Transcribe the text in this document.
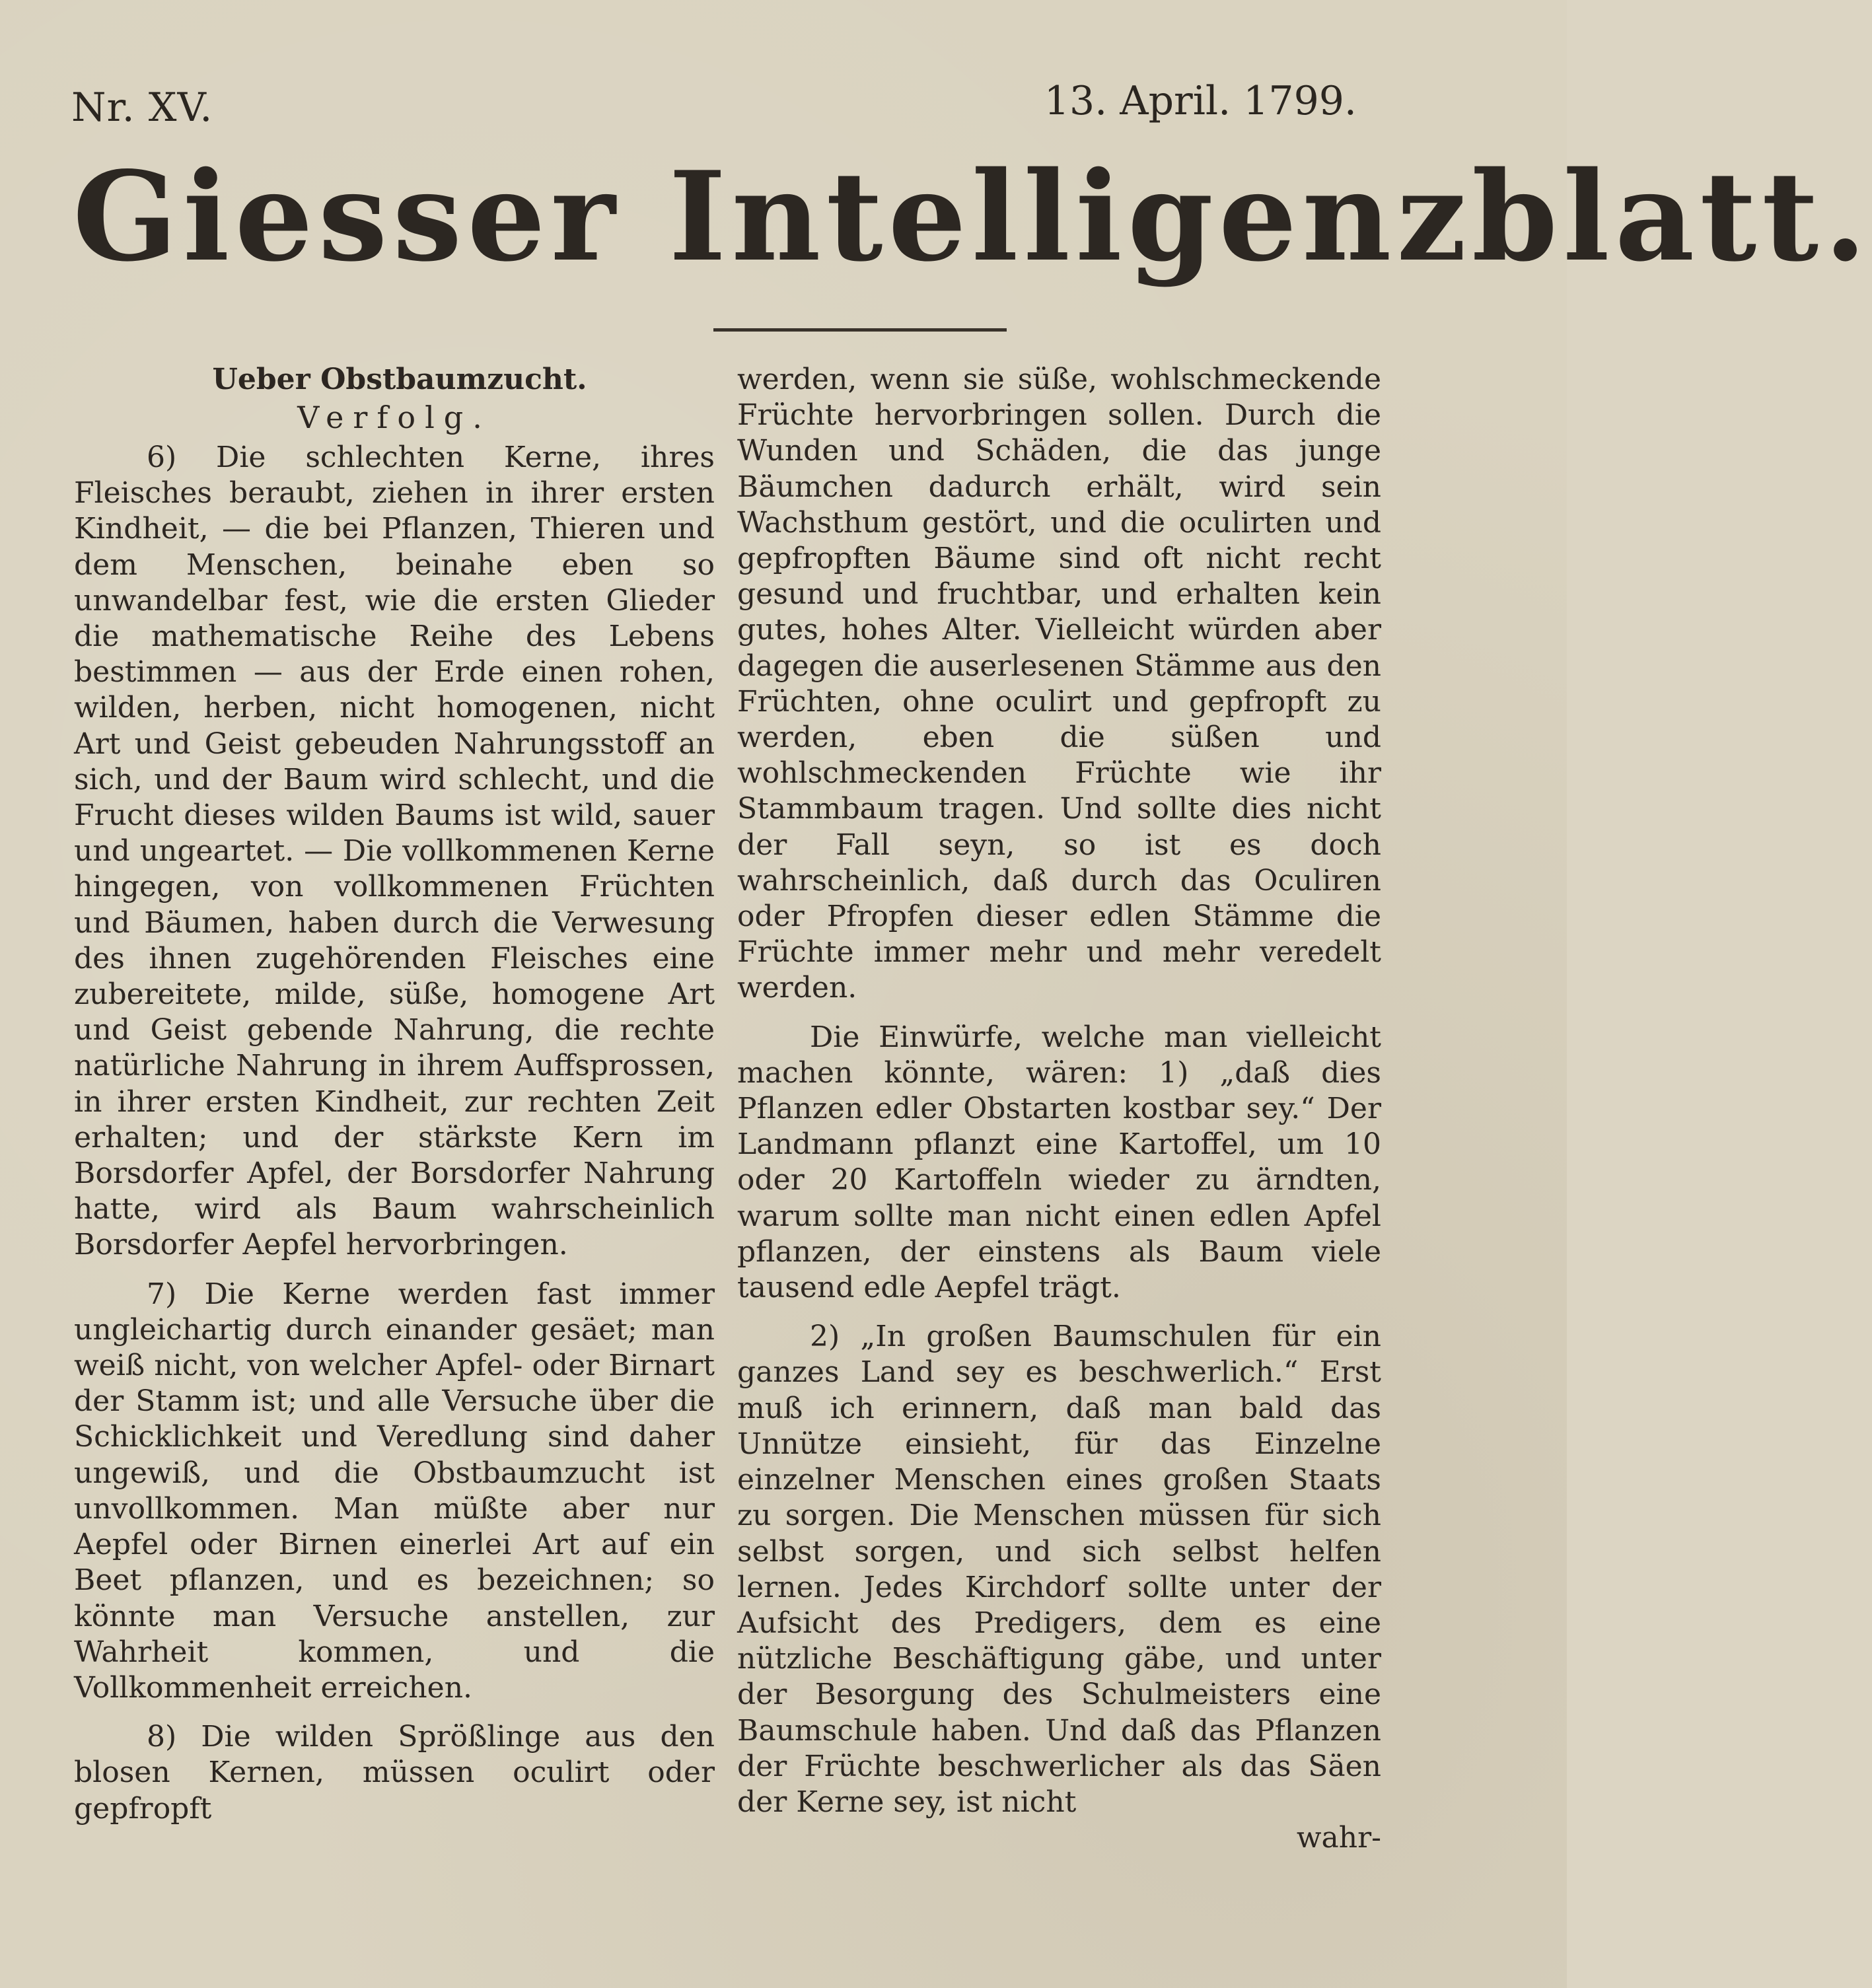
Nr. XV.	13. April. 1799.
Giesser Intelligenzblatt.
Ueber Obstbaumzucht.
Verfolg.

6) Die schlechten Kerne, ihres Fleisches beraubt, ziehen in ihrer ersten Kindheit, — die bei Pflanzen, Thieren und dem Menschen, beinahe eben so unwandelbar fest, wie die ersten Glieder die mathematische Reihe des Lebens bestimmen — aus der Erde einen rohen, wilden, herben, nicht homogenen, nicht Art und Geist gebeuden Nahrungsstoff an sich, und der Baum wird schlecht, und die Frucht dieses wilden Baums ist wild, sauer und ungeartet. — Die vollkommenen Kerne hingegen, von vollkommenen Früchten und Bäumen, haben durch die Verwesung des ihnen zugehörenden Fleisches eine zubereitete, milde, süße, homogene Art und Geist gebende Nahrung, die rechte natürliche Nahrung in ihrem Auffsprossen, in ihrer ersten Kindheit, zur rechten Zeit erhalten; und der stärkste Kern im Borsdorfer Apfel, der Borsdorfer Nahrung hatte, wird als Baum wahrscheinlich Borsdorfer Aepfel hervorbringen.

7) Die Kerne werden fast immer ungleichartig durch einander gesäet; man weiß nicht, von welcher Apfel- oder Birnart der Stamm ist; und alle Versuche über die Schicklichkeit und Veredlung sind daher ungewiß, und die Obstbaumzucht ist unvollkommen. Man müßte aber nur Aepfel oder Birnen einerlei Art auf ein Beet pflanzen, und es bezeichnen; so könnte man Versuche anstellen, zur Wahrheit kommen, und die Vollkommenheit erreichen.

8) Die wilden Sprößlinge aus den blosen Kernen, müssen oculirt oder gepfropft

werden, wenn sie süße, wohlschmeckende Früchte hervorbringen sollen. Durch die Wunden und Schäden, die das junge Bäumchen dadurch erhält, wird sein Wachsthum gestört, und die oculirten und gepfropften Bäume sind oft nicht recht gesund und fruchtbar, und erhalten kein gutes, hohes Alter. Vielleicht würden aber dagegen die auserlesenen Stämme aus den Früchten, ohne oculirt und gepfropft zu werden, eben die süßen und wohlschmeckenden Früchte wie ihr Stammbaum tragen. Und sollte dies nicht der Fall seyn, so ist es doch wahrscheinlich, daß durch das Oculiren oder Pfropfen dieser edlen Stämme die Früchte immer mehr und mehr veredelt werden.

Die Einwürfe, welche man vielleicht machen könnte, wären: 1) „daß dies Pflanzen edler Obstarten kostbar sey.“ Der Landmann pflanzt eine Kartoffel, um 10 oder 20 Kartoffeln wieder zu ärndten, warum sollte man nicht einen edlen Apfel pflanzen, der einstens als Baum viele tausend edle Aepfel trägt.

2) „In großen Baumschulen für ein ganzes Land sey es beschwerlich.“ Erst muß ich erinnern, daß man bald das Unnütze einsieht, für das Einzelne einzelner Menschen eines großen Staats zu sorgen. Die Menschen müssen für sich selbst sorgen, und sich selbst helfen lernen. Jedes Kirchdorf sollte unter der Aufsicht des Predigers, dem es eine nützliche Beschäftigung gäbe, und unter der Besorgung des Schulmeisters eine Baumschule haben. Und daß das Pflanzen der Früchte beschwerlicher als das Säen der Kerne sey, ist nicht

wahr-
